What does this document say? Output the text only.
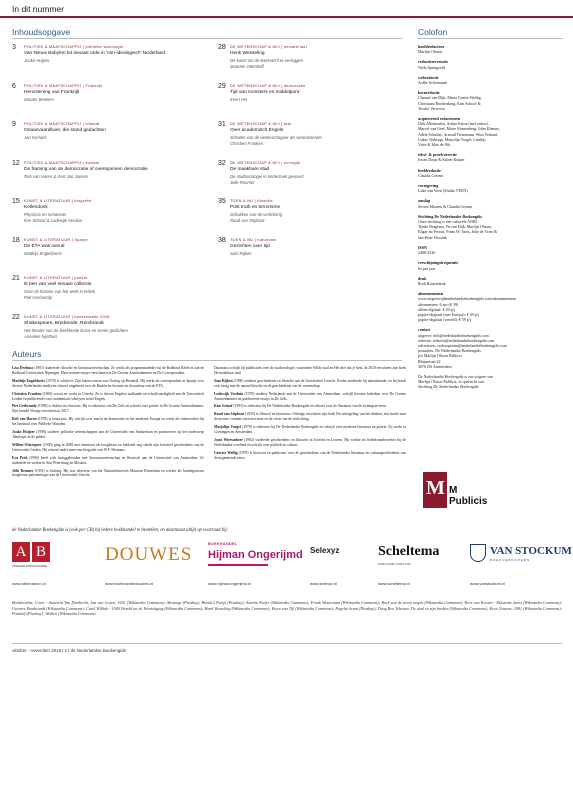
In dit nummer
Inhoudsopgave
3	POLITIEK & MAATSCHAPPIJ | politieke sociologie
Van Nieuw Babylon tot nieuwe orde in 'non-ideologisch' Nederland
Jouke Huijzer
6	POLITIEK & MAATSCHAPPIJ | Frankrijk
Herordening van Frankrijk
Wouter Beekers
9	POLITIEK & MAATSCHAPPIJ | klimaat
Onaanvaardbare, die stand gedachten
Jan Gerlach
12	POLITIEK & MAATSCHAPPIJ | sociaal
De framing van de democratie of overspannen democratie
Rob van Haren & Gert Jan Jansen
15	KUNST & LITERATUUR | biografie
Kellendonk
Physicus en romancier
Kim Schoof & Ludewijk Verduin
18	KUNST & LITERATUUR | Spanje
De ETA was overal
Matthijs Engelsberts
21	KUNST & LITERATUUR | poëzie
Ik ben van veel nieuwe collectie
Over de historie van het werk in kritiek
Piet Gerbrandy
22	KUNST & LITERATUUR | boekenweek 2018
Shakespeare, Brederode, Rembrandt
Het theater van de beeldende kunst en zeven gedichten
Annelien Nijsthuis
28	DE WETENSCHAP & WIJ | immateriaal
Henk Wesseling
De kunst om de leerkracht te verleggen
Maarten Ottenhoff
29	DE WETENSCHAP & WIJ | democratie
Tijd van monsters en middelpunt
Evert Vet
31	DE WETENSCHAP & WIJ | taal
Over academisch Engels
Schoten van de wetenschapper als woordvoerder
Christien Franken
32	DE WETENSCHAP & WIJ | ecologie
De maakbare stad
De stadsecologie in onderzoek gevoerd
Jelle Reumer
35	TOEN & NU | filosofie
Post truth en terrorisme
Schokken van de verlichting
Ruud van Stiphout
38	TOEN & NU | naturisme
Gezichten over tijd
Sam Rijken
Colofon
hoofdredacteur
Marlijn Olsson
redactiesecretaris
Niels Springveld
webredactie
Aafke Schoemaak
kernredactie
Chantal van Dijk, Maria Goette-Wollig,
Christiaan Roodenburg, Kim Schoof &
Teodor Verwoon
acquirerend redacteuren
Dirk Allemeulen, Arthur Eaton (met redact),
Marcel van Geel, Marte Kranenberg, John Klemm,
Adèle Schulter, Arnoud Tiesenaam, Wim Verhaal,
Lukas Verbrugt, Marjolijn Vorgel, Lieshtjs
Vries & Max de Wit
tekst- & proefcorrectie
Irwan Doop & Esther Kuiper
beeldredactie
Claudia Crezna
vormgeving
Luke van Veen (Studio VEEN)
omslag
Jeroen Mistens & Claudia Crezna
Stichting De Nederlandse Boekengids
Onze stichting is een culturele ANBI
Tijnke Bergema, Yu van Dijk, Marlijn Olsson,
Edgar du Perron, Frans W. Saris, Joke de Vries &
Jan-Peter Wissink
ISSN
2468-2526
verschijningsfrequentie
6x per jaar
druk
Rodi Rotatiedruk
abonnementen
www.uitgeverijdenederlandseboekengids.com/abonnementen
abonnement: 6 nrs (€ 39)
alleen digitaal: € 20 p/j
papier+digitaal (met Europa): € 49 p/j
papier+digitaal (wereld): € 59 p/j
contact
uitgever: info@nederlandseboekengids.com
redactie: redactie@nederlandseboekengids.com
adverteren: verkoopteam@nederlandseboekengids.com
postadres: De Nederlandse Boekengids
p/a Marlijn Olsson Publicis
Rhijnstraat 22
3076 DS Amsterdam
De Nederlandse Boekengids is een uitgave van
Marlijn Olsson Publicis, in opdracht van
Stichting De Nederlandse Boekengids
Auteurs

Lisa Drelsma (1981) studeerde filosofie en literatuurwetenschap. Ze werkt als programmaleider bij de Radboud Reflects aan de Radboud Universiteit Nijmegen. Haar recente essays verschenen in De Groene Amsterdammer en De Correspondent.

Matthijs Engelsberts (1970) is schrijver. Zijn laatste roman was Oorlog op Bernardi. Hij werkt als correspondent in Spanje voor diverse Nederlandse media en schreef uitgebreid over de Baskische kwestie en de nasleep van de ETA.

Christien Franken (1960) woont en werkt in Utrecht. Ze is docent Engelse taalkunde en schrijfvaardigheid aan de Universiteit Leiden en publiceerde over academisch schrijven in het Engels.

Piet Gerbrandy (1958) is dichter en classicus. Hij is redacteur van De Gids en schreef over poëzie in De Groene Amsterdammer. Zijn bundel Vitrage verscheen in 2017.

Rob van Haren (1978) is historicus. Hij schrijft over macht en democratie in het moderne Europa en werkt als onderzoeker bij het Instituut voor Publieke Waarden.

Jouke Huijzer (1990) studeert politieke wetenschappen aan de Universiteit van Amsterdam en promoveert op het onderwerp 'Ideologie in de polder'.

Willem Otterspeer (1950) ging in 2008 met emeritaat als hoogleraar en bekleedt nog steeds zijn leerstoel geschiedenis van de Universiteit Leiden. Hij schreef onder meer een biografie van W.F. Hermans.

Eva Peek (1990) heeft zich beziggehouden met literatuurwetenschap en Russisch aan de Universiteit van Amsterdam. Ze studeerde en werkte in Sint Petersburg en Moskou.

Jelle Reumer (1953) is bioloog. Hij was directeur van het Natuurhistorisch Museum Rotterdam en werkte als buitengewoon hoogleraar paleontologie aan de Universiteit Utrecht.

Daarnaast schrijft hij publicaties over de stadsecologie, waaronder Wilde stad en Het dier dat je bent. In 2018 verscheen zijn boek De maakbare stad.

Sam Rijken (1990) studeert geschiedenis en filosofie aan de Universiteit Utrecht. Eerder studeerde hij natuurkunde, en hij houdt zich bezig met de natuurfilosofie en de geschiedenis van de wetenschap.

Ludewijk Verduin (1979) studeert Nederlands aan de Universiteit van Amsterdam, schrijft literaire kritieken voor De Groene Amsterdammer en publiceerde essays in De Gids.

Kim Schoof (1993) is redacteur bij De Nederlandse Boekengids en schreef over de literatuur van de twintigste eeuw.

Ruud van Stiphout (1945) is filosoof en historicus. Onlangs verscheen zijn boek De ontregeling van het denken, een studie naar de nieuwe vormen van terrorisme en de crisis van de verlichting.

Marjolijn Voogel (1979) is redacteur bij De Nederlandse Boekengids en schrijft over moderne literatuur en poëzie. Zij werkt in Groningen en Amsterdam.

Joost Wiersmbeer (1982) studeerde geschiedenis en filosofie in Utrecht en Leuven. Hij werkte als beleidsmedewerker bij de Nederlandse overheid en schrijft over politiek en cultuur.

Geertse Wollig (1979) is historica en publiceert over de geschiedenis van de Nederlandse literatuur en cultuurgeschiedenis van de negentiende eeuw.

M M
Publicis
de Nederlandse Boekengids is (ook per CB) bij iedere boekhandel te bestellen, en daarnaast altijd op voorraad bij:
A B
ATHENAEUM BOEKHANDEL
www.athenaeum.nl
DOUWES
www.boekhandeldouwes.nl
BOEKHANDEL
Hijman Ongerijmd
www.hijmanongerijmd.nl
Selexyz
www.selexyz.nl
Scheltema
BOEKHANDEL SINDS 1853
www.scheltema.nl
VAN STOCKUM
BOEKVERKOPERS
www.vanstockum.nl
Beeldcredits: Cover - Aanzicht Van Dordrecht, Jan van Goyen, 1651 (Wikimedia Commons); Montage (Pixabay); Brand 2 Parijs (Pixabay); Anselm Kiefer (Wikimedia Commons); Frank Westerman (Wikimedia Commons); Boek van de zeven zegels (Wikimedia Commons); Kees van Kooten - Klassieke kunst (Wikimedia Commons); Gravure Rembrandt (Wikimedia Commons); Carel Willink - 1940 Wereld na de Vernietiging (Wikimedia Commons); Henk Wesseling (Wikimedia Commons); Etsen van Tijl (Wikimedia Commons); Engelse krant (Pixabay); Deng Ren Tekenen: De stad en zijn boeken (Wikimedia Commons); Kees Ouwens, 1981 (Wikimedia Commons); Postduif (Pixabay); Wolken (Wikimedia Commons).
oktober - november 2018 | 1 | de Nederlandse Boekengids
